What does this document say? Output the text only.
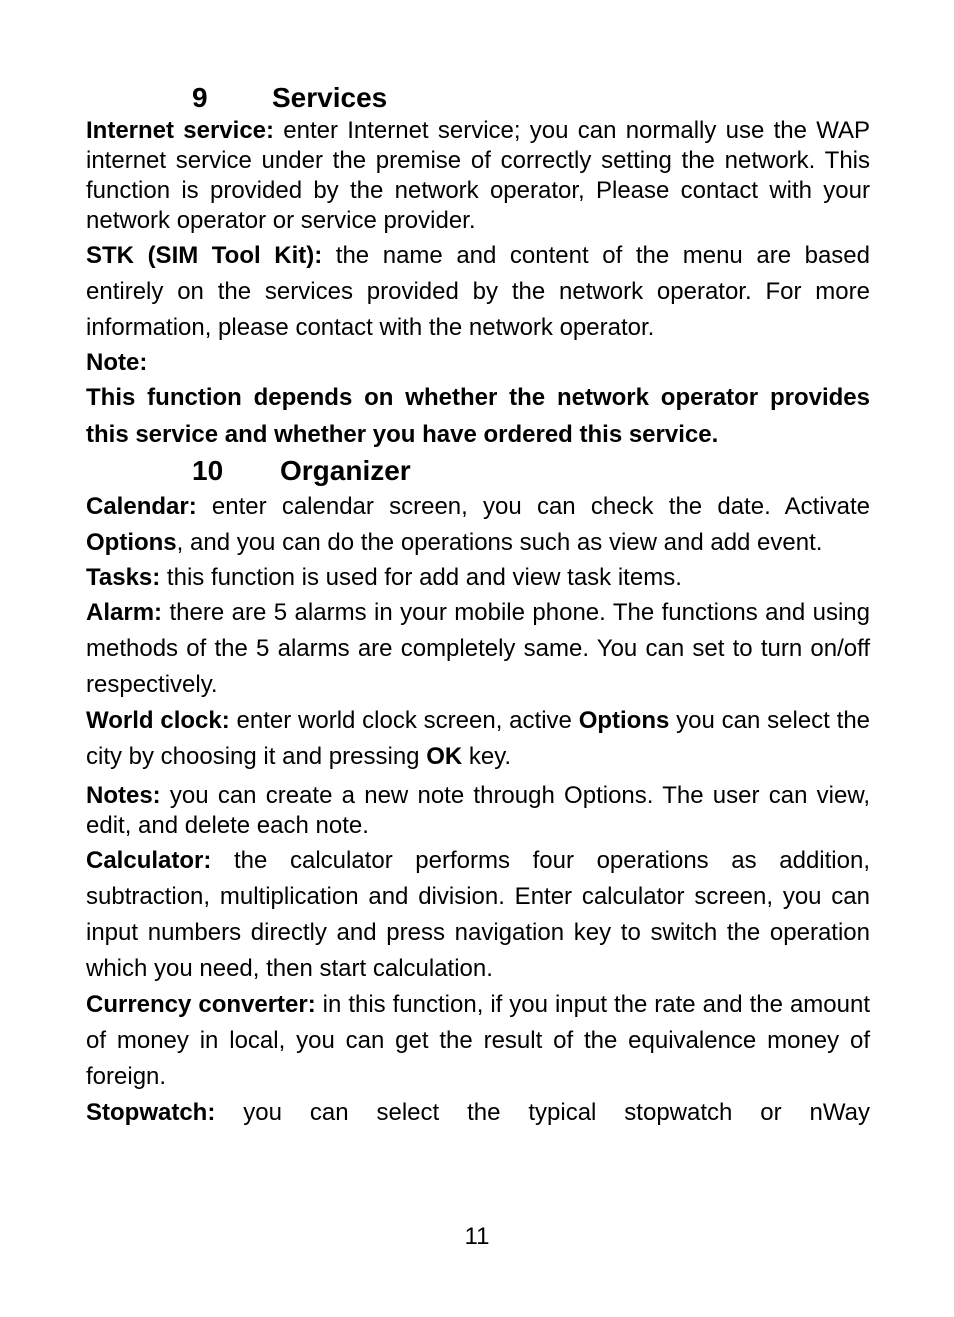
9 Services

Internet service: enter Internet service; you can normally use the WAP internet service under the premise of correctly setting the network. This function is provided by the network operator, Please contact with your network operator or service provider.

STK (SIM Tool Kit): the name and content of the menu are based entirely on the services provided by the network operator. For more information, please contact with the network operator.

Note:

This function depends on whether the network operator provides this service and whether you have ordered this service.

10 Organizer

Calendar: enter calendar screen, you can check the date. Activate Options, and you can do the operations such as view and add event.

Tasks: this function is used for add and view task items.

Alarm: there are 5 alarms in your mobile phone. The functions and using methods of the 5 alarms are completely same. You can set to turn on/off respectively.

World clock: enter world clock screen, active Options you can select the city by choosing it and pressing OK key.

Notes: you can create a new note through Options. The user can view, edit, and delete each note.

Calculator: the calculator performs four operations as addition, subtraction, multiplication and division. Enter calculator screen, you can input numbers directly and press navigation key to switch the operation which you need, then start calculation.

Currency converter: in this function, if you input the rate and the amount of money in local, you can get the result of the equivalence money of foreign.

Stopwatch: you can select the typical stopwatch or nWay

11
